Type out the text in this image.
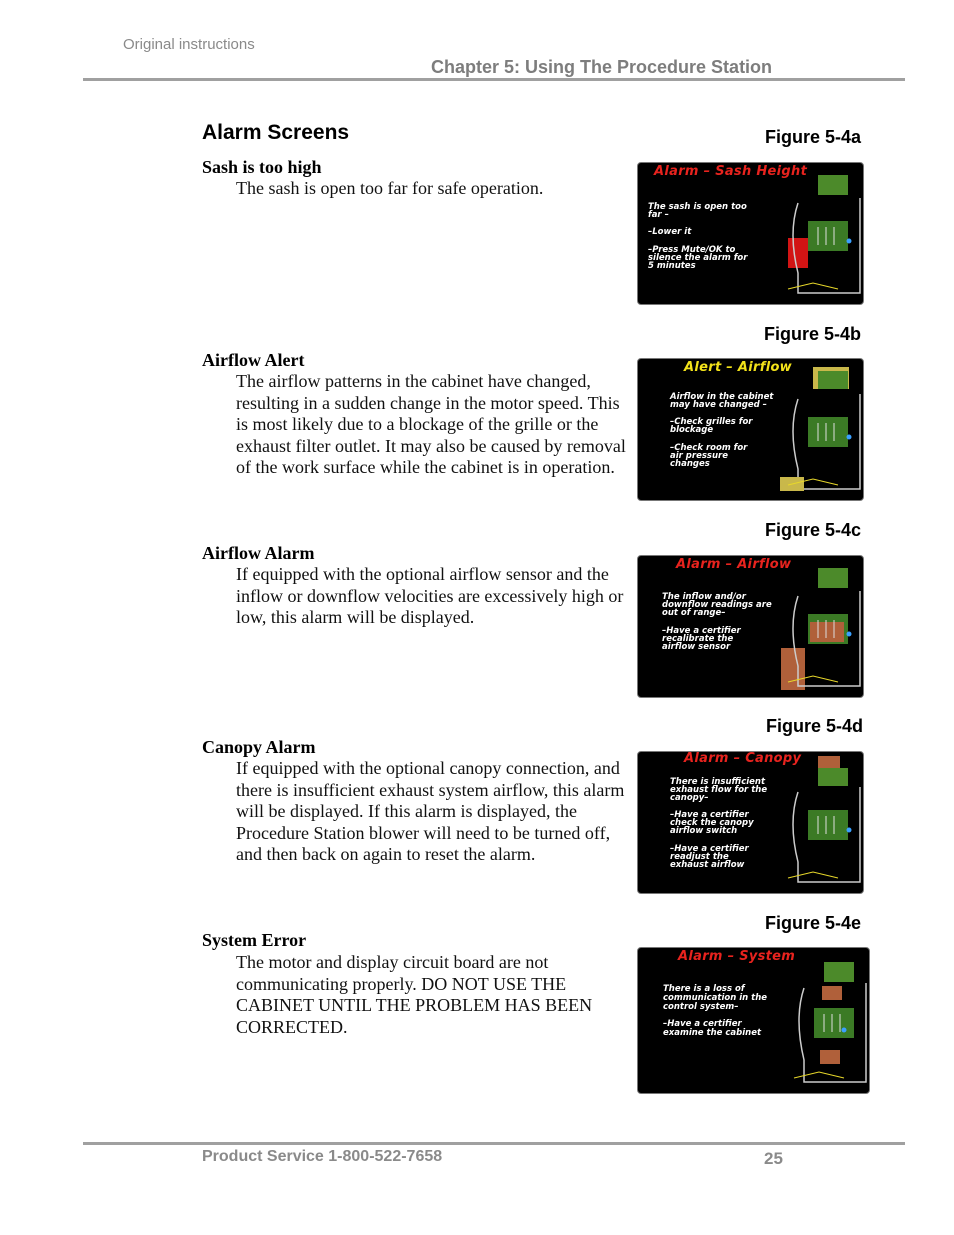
Original instructions
Chapter 5: Using The Procedure Station
Alarm Screens	Figure 5-4a
Sash is too high
The sash is open too far for safe operation.
Alarm – Sash Height
The sash is open too
far –
–Lower it
–Press Mute/OK to
silence the alarm for
5 minutes
Figure 5-4b
Airflow Alert
The airflow patterns in the cabinet have changed, resulting in a sudden change in the motor speed. This is most likely due to a blockage of the grille or the exhaust filter outlet. It may also be caused by removal of the work surface while the cabinet is in operation.
Alert – Airflow
Airflow in the cabinet
may have changed –
–Check grilles for
blockage
–Check room for
air pressure
changes
Figure 5-4c
Airflow Alarm
If equipped with the optional airflow sensor and the inflow or downflow velocities are excessively high or low, this alarm will be displayed.
Alarm – Airflow
The inflow and/or
downflow readings are
out of range–
–Have a certifier
recalibrate the
airflow sensor
Figure 5-4d
Canopy Alarm
If equipped with the optional canopy connection, and there is insufficient exhaust system airflow, this alarm will be displayed. If this alarm is displayed, the Procedure Station blower will need to be turned off, and then back on again to reset the alarm.
Alarm – Canopy
There is insufficient
exhaust flow for the
canopy–
–Have a certifier
check the canopy
airflow switch
–Have a certifier
readjust the
exhaust airflow
Figure 5-4e
System Error
The motor and display circuit board are not communicating properly. DO NOT USE THE CABINET UNTIL THE PROBLEM HAS BEEN CORRECTED.
Alarm – System
There is a loss of
communication in the
control system–
–Have a certifier
examine the cabinet
Product Service 1-800-522-7658	25
